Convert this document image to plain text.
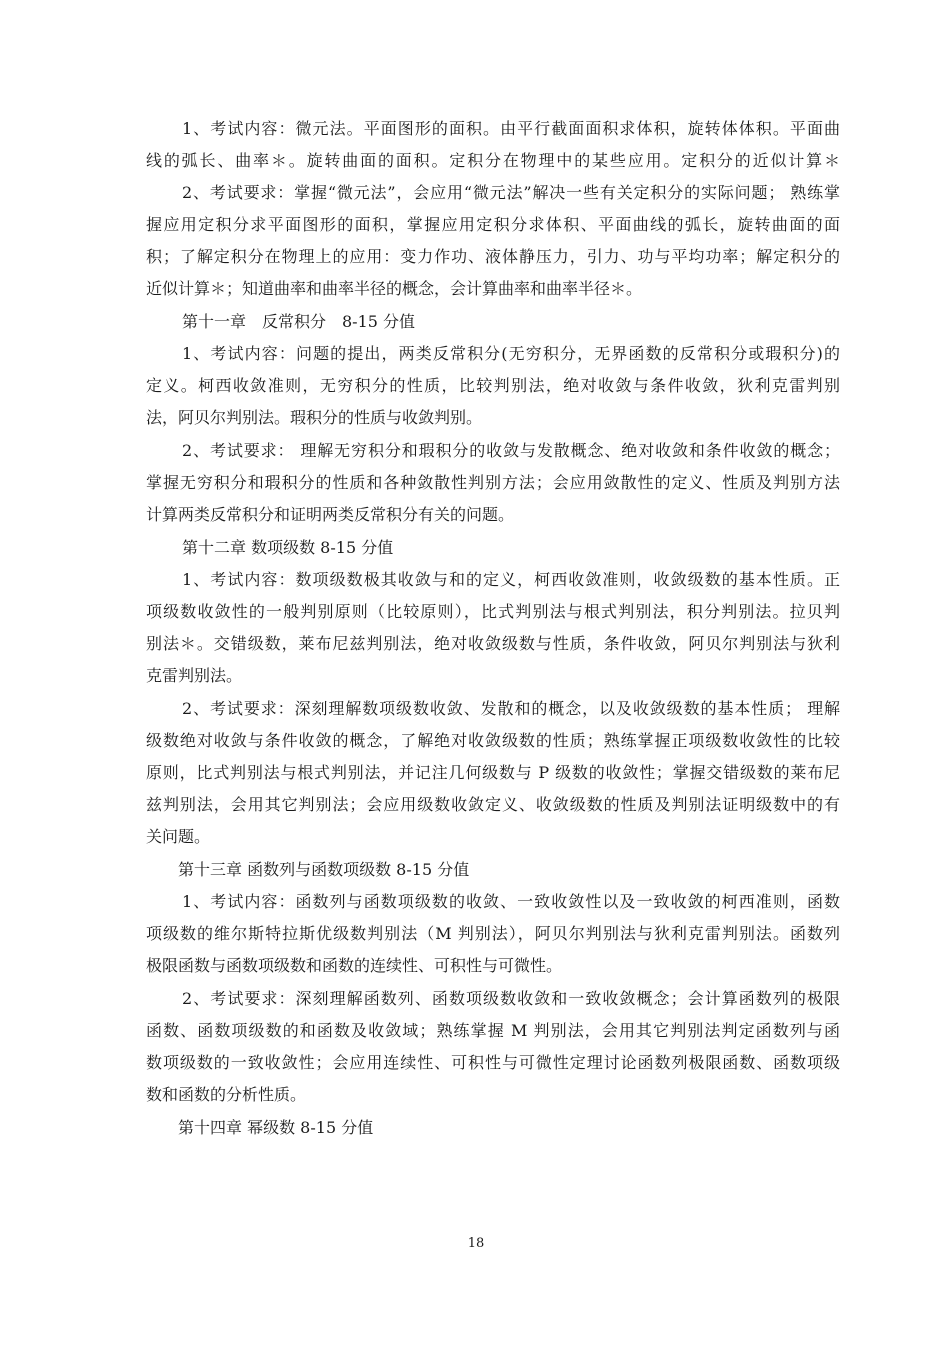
1、考试内容：微元法。平面图形的面积。由平行截面面积求体积，旋转体体积。平面曲
线的弧长、曲率＊。旋转曲面的面积。定积分在物理中的某些应用。定积分的近似计算＊
2、考试要求：掌握“微元法”，会应用“微元法”解决一些有关定积分的实际问题； 熟练掌
握应用定积分求平面图形的面积，掌握应用定积分求体积、平面曲线的弧长，旋转曲面的面
积；了解定积分在物理上的应用：变力作功、液体静压力，引力、功与平均功率；解定积分的
近似计算＊；知道曲率和曲率半径的概念，会计算曲率和曲率半径＊。
第十一章　反常积分　8-15 分值
1、考试内容：问题的提出，两类反常积分(无穷积分，无界函数的反常积分或瑕积分)的
定义。柯西收敛准则，无穷积分的性质，比较判别法，绝对收敛与条件收敛，狄利克雷判别
法，阿贝尔判别法。瑕积分的性质与收敛判别。
2、考试要求： 理解无穷积分和瑕积分的收敛与发散概念、绝对收敛和条件收敛的概念；
掌握无穷积分和瑕积分的性质和各种敛散性判别方法；会应用敛散性的定义、性质及判别方法
计算两类反常积分和证明两类反常积分有关的问题。
第十二章 数项级数 8-15 分值
1、考试内容：数项级数极其收敛与和的定义，柯西收敛准则，收敛级数的基本性质。正
项级数收敛性的一般判别原则（比较原则），比式判别法与根式判别法，积分判别法。拉贝判
别法＊。交错级数，莱布尼兹判别法，绝对收敛级数与性质，条件收敛，阿贝尔判别法与狄利
克雷判别法。
2、考试要求：深刻理解数项级数收敛、发散和的概念，以及收敛级数的基本性质； 理解
级数绝对收敛与条件收敛的概念，了解绝对收敛级数的性质；熟练掌握正项级数收敛性的比较
原则，比式判别法与根式判别法，并记注几何级数与 P 级数的收敛性；掌握交错级数的莱布尼
兹判别法，会用其它判别法；会应用级数收敛定义、收敛级数的性质及判别法证明级数中的有
关问题。
第十三章 函数列与函数项级数 8-15 分值
1、考试内容：函数列与函数项级数的收敛、一致收敛性以及一致收敛的柯西准则，函数
项级数的维尔斯特拉斯优级数判别法（M 判别法），阿贝尔判别法与狄利克雷判别法。函数列
极限函数与函数项级数和函数的连续性、可积性与可微性。
2、考试要求：深刻理解函数列、函数项级数收敛和一致收敛概念；会计算函数列的极限
函数、函数项级数的和函数及收敛域；熟练掌握 M 判别法，会用其它判别法判定函数列与函
数项级数的一致收敛性；会应用连续性、可积性与可微性定理讨论函数列极限函数、函数项级
数和函数的分析性质。
第十四章 幂级数 8-15 分值
18
